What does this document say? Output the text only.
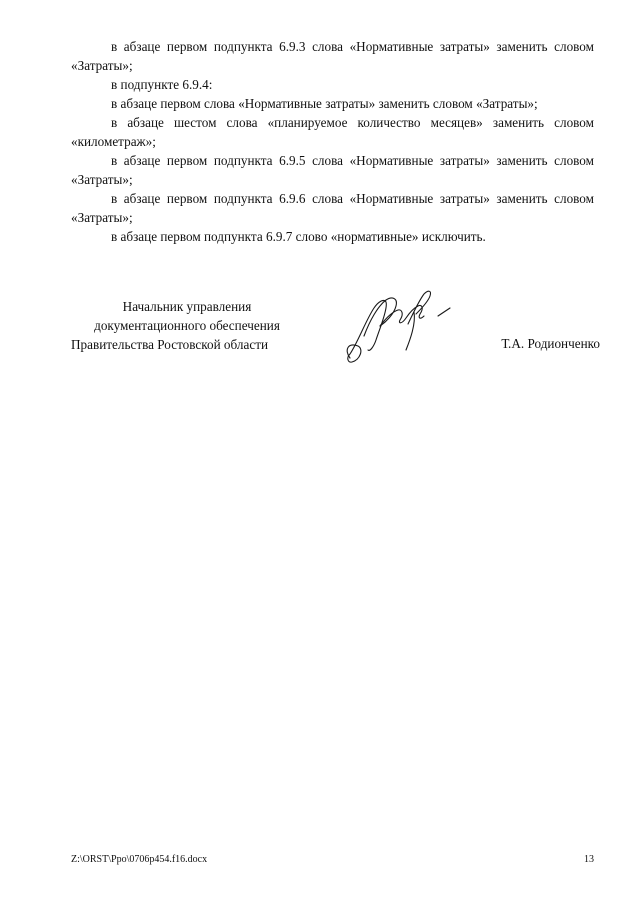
в абзаце первом подпункта 6.9.3 слова «Нормативные затраты» заменить словом «Затраты»;

в подпункте 6.9.4:

в абзаце первом слова «Нормативные затраты» заменить словом «Затраты»;

в абзаце шестом слова «планируемое количество месяцев» заменить словом «километраж»;

в абзаце первом подпункта 6.9.5 слова «Нормативные затраты» заменить словом «Затраты»;

в абзаце первом подпункта 6.9.6 слова «Нормативные затраты» заменить словом «Затраты»;

в абзаце первом подпункта 6.9.7 слово «нормативные» исключить.

Начальник управления
документационного обеспечения
Правительства Ростовской области	Т.А. Родионченко
Z:\ORST\Ppo\0706p454.f16.docx	13
